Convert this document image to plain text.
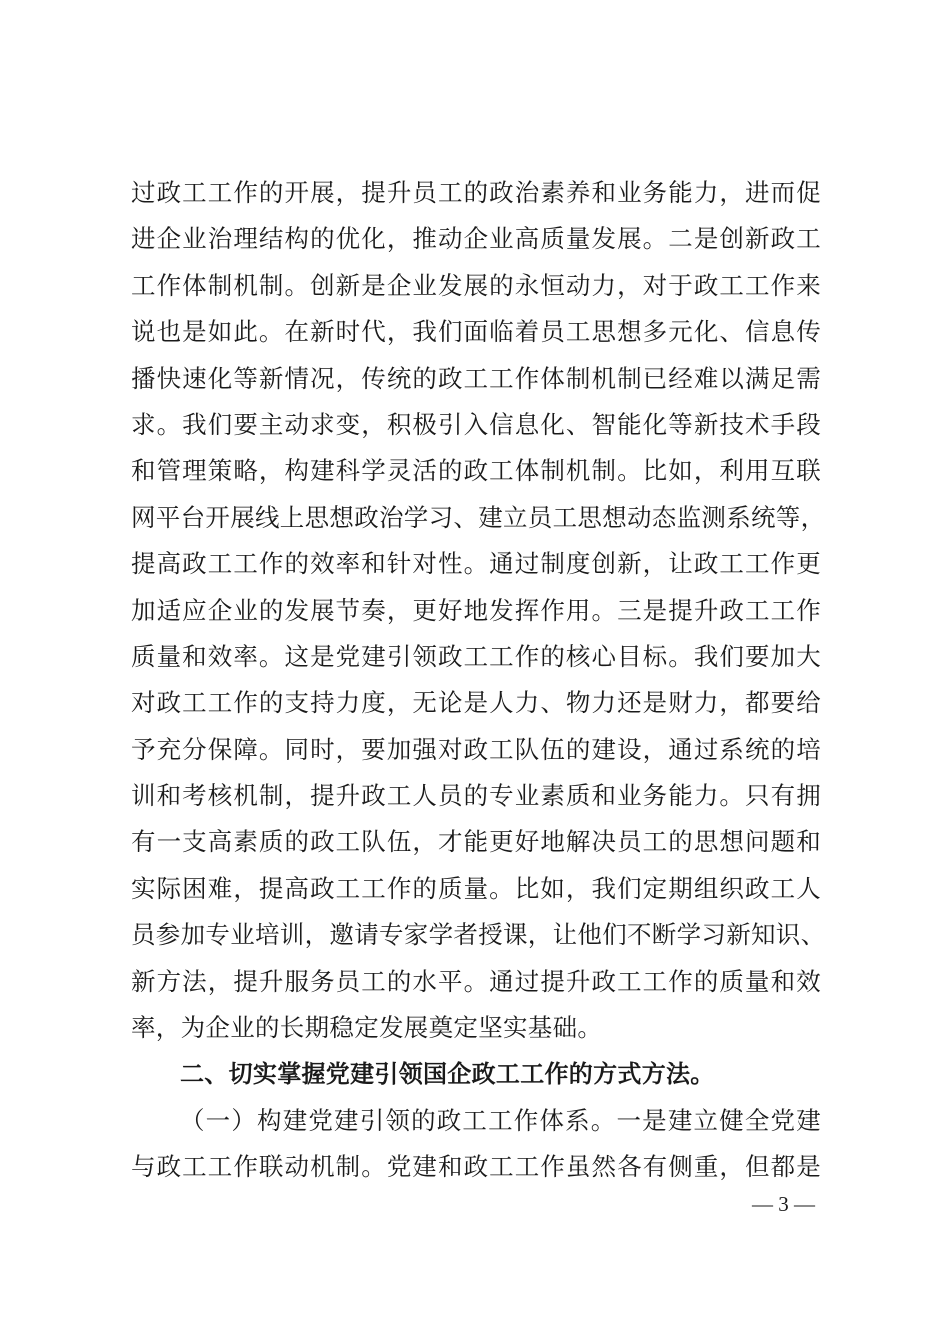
过政工工作的开展，提升员工的政治素养和业务能力，进而促
进企业治理结构的优化，推动企业高质量发展。二是创新政工
工作体制机制。创新是企业发展的永恒动力，对于政工工作来
说也是如此。在新时代，我们面临着员工思想多元化、信息传
播快速化等新情况，传统的政工工作体制机制已经难以满足需
求。我们要主动求变，积极引入信息化、智能化等新技术手段
和管理策略，构建科学灵活的政工体制机制。比如，利用互联
网平台开展线上思想政治学习、建立员工思想动态监测系统等，
提高政工工作的效率和针对性。通过制度创新，让政工工作更
加适应企业的发展节奏，更好地发挥作用。三是提升政工工作
质量和效率。这是党建引领政工工作的核心目标。我们要加大
对政工工作的支持力度，无论是人力、物力还是财力，都要给
予充分保障。同时，要加强对政工队伍的建设，通过系统的培
训和考核机制，提升政工人员的专业素质和业务能力。只有拥
有一支高素质的政工队伍，才能更好地解决员工的思想问题和
实际困难，提高政工工作的质量。比如，我们定期组织政工人
员参加专业培训，邀请专家学者授课，让他们不断学习新知识、
新方法，提升服务员工的水平。通过提升政工工作的质量和效
率，为企业的长期稳定发展奠定坚实基础。
二、切实掌握党建引领国企政工工作的方式方法。
（一）构建党建引领的政工工作体系。一是建立健全党建
与政工工作联动机制。党建和政工工作虽然各有侧重，但都是
— 3 —
